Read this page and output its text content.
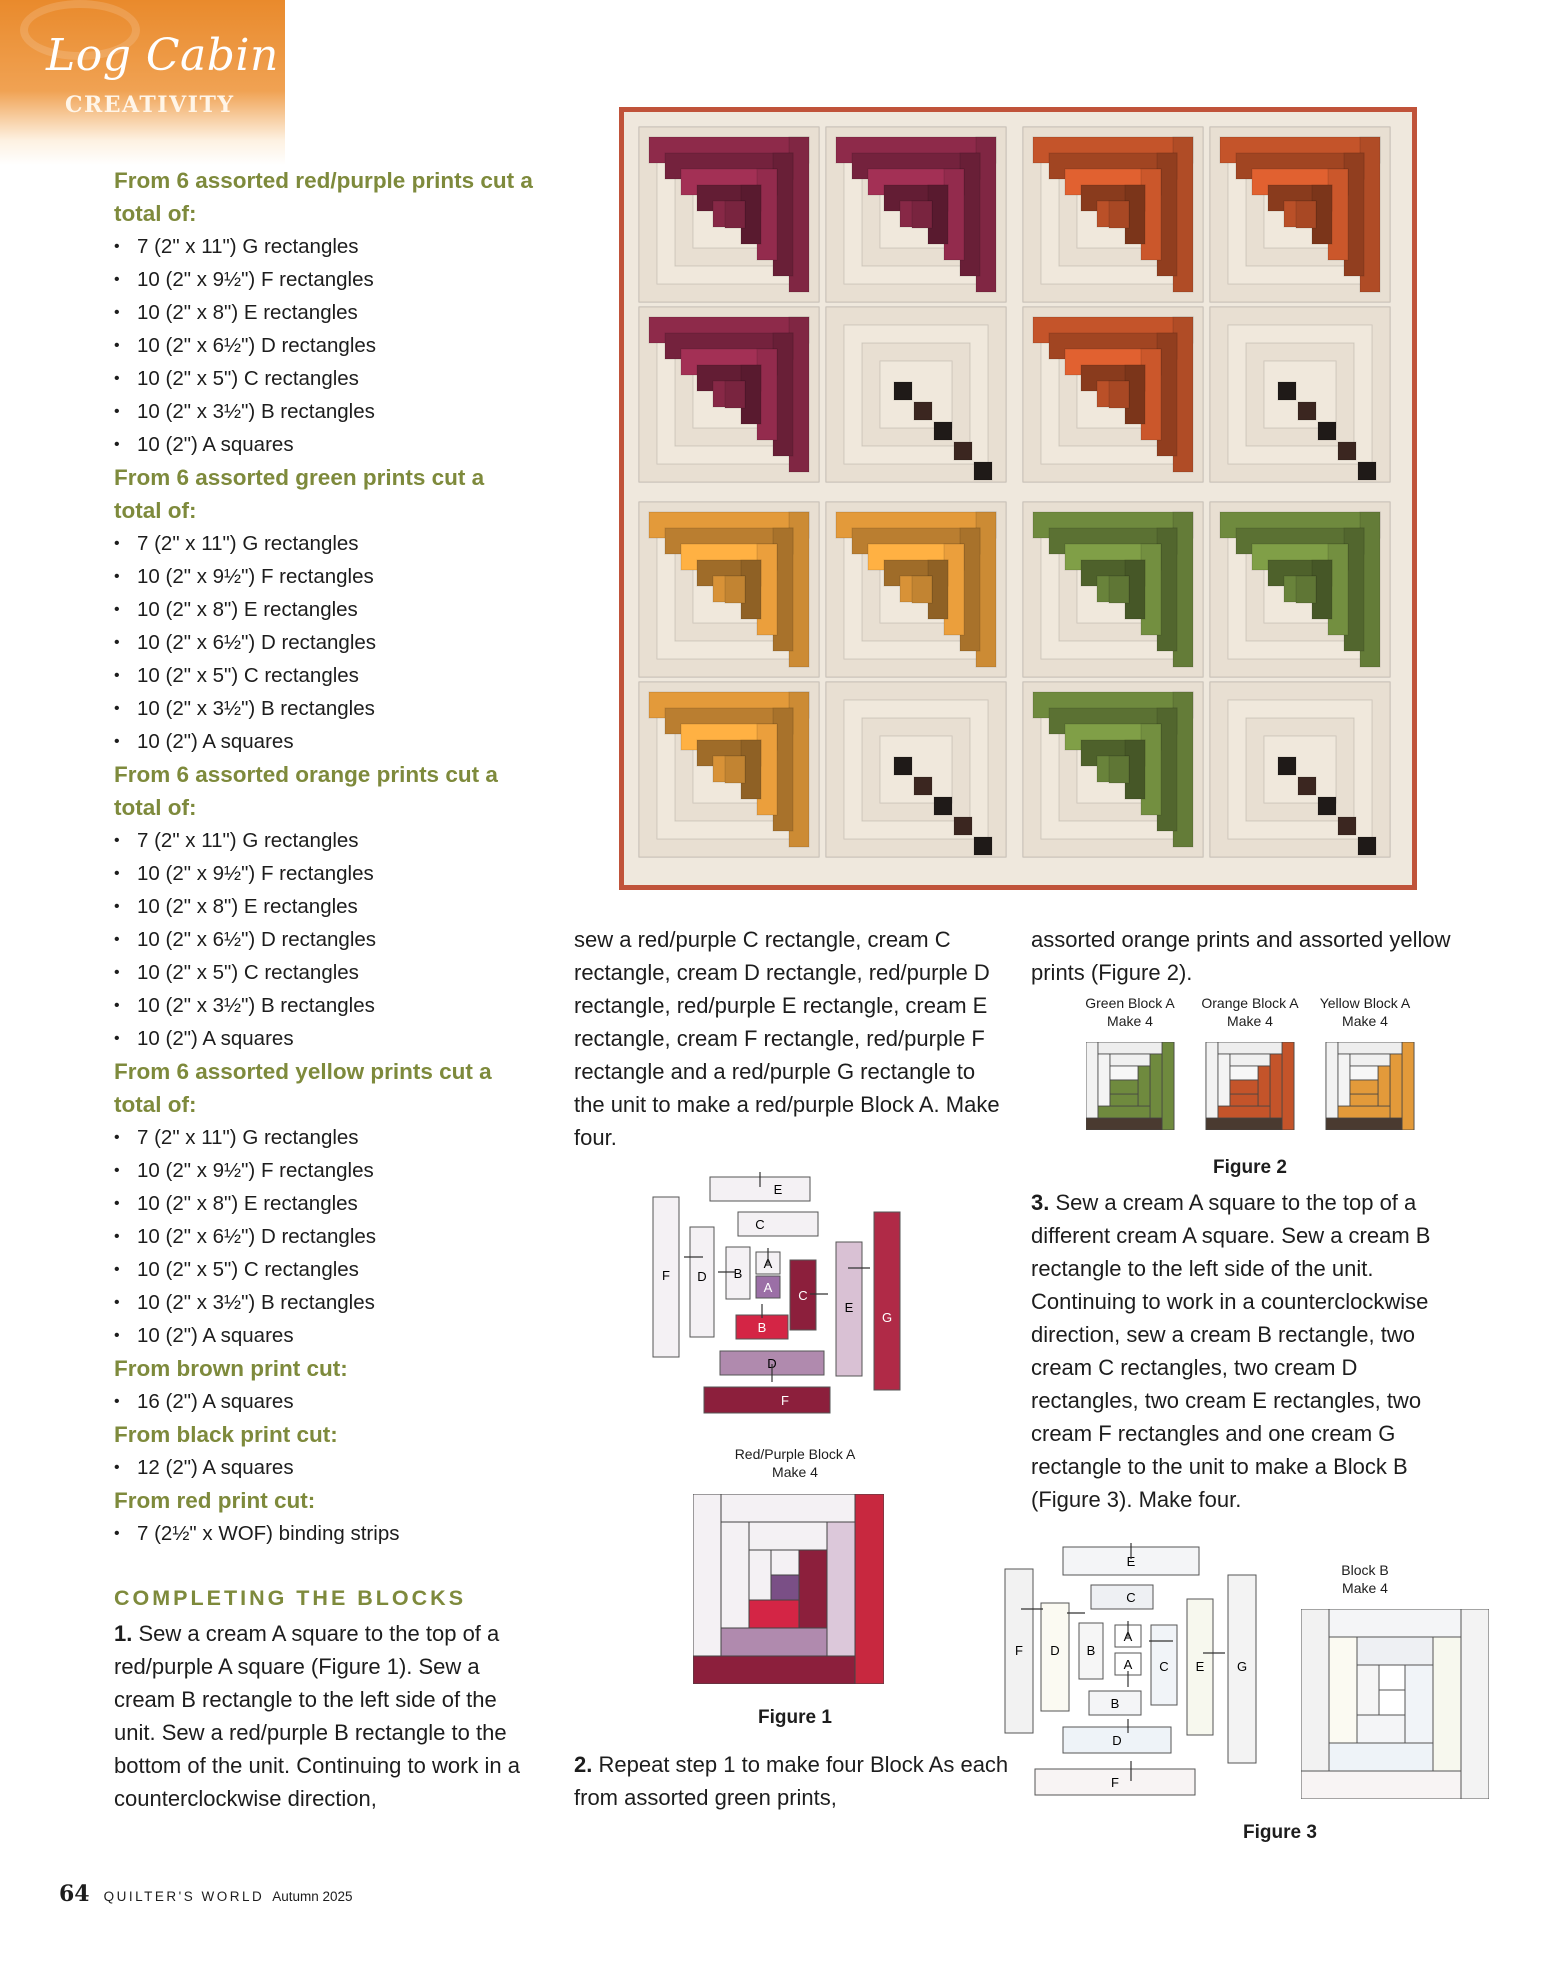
Log Cabin
CREATIVITY
From 6 assorted red/purple prints cut a total of:
• 7 (2" x 11") G rectangles
• 10 (2" x 9½") F rectangles
• 10 (2" x 8") E rectangles
• 10 (2" x 6½") D rectangles
• 10 (2" x 5") C rectangles
• 10 (2" x 3½") B rectangles
• 10 (2") A squares
From 6 assorted green prints cut a total of:
• 7 (2" x 11") G rectangles
• 10 (2" x 9½") F rectangles
• 10 (2" x 8") E rectangles
• 10 (2" x 6½") D rectangles
• 10 (2" x 5") C rectangles
• 10 (2" x 3½") B rectangles
• 10 (2") A squares
From 6 assorted orange prints cut a total of:
• 7 (2" x 11") G rectangles
• 10 (2" x 9½") F rectangles
• 10 (2" x 8") E rectangles
• 10 (2" x 6½") D rectangles
• 10 (2" x 5") C rectangles
• 10 (2" x 3½") B rectangles
• 10 (2") A squares
From 6 assorted yellow prints cut a total of:
• 7 (2" x 11") G rectangles
• 10 (2" x 9½") F rectangles
• 10 (2" x 8") E rectangles
• 10 (2" x 6½") D rectangles
• 10 (2" x 5") C rectangles
• 10 (2" x 3½") B rectangles
• 10 (2") A squares
From brown print cut:
• 16 (2") A squares
From black print cut:
• 12 (2") A squares
From red print cut:
• 7 (2½" x WOF) binding strips
COMPLETING THE BLOCKS

1. Sew a cream A square to the top of a red/purple A square (Figure 1). Sew a cream B rectangle to the left side of the unit. Sew a red/purple B rectangle to the bottom of the unit. Continuing to work in a counterclockwise direction,

sew a red/purple C rectangle, cream C rectangle, cream D rectangle, red/purple D rectangle, red/purple E rectangle, cream E rectangle, cream F rectangle, red/purple F rectangle and a red/purple G rectangle to the unit to make a red/purple Block A. Make four.

E
C
F D B
A
A
C
E
G
B
D
F
Red/Purple Block A
Make 4
Figure 1

2. Repeat step 1 to make four Block As each from assorted green prints,

assorted orange prints and assorted yellow prints (Figure 2).

Green Block A
Make 4
Orange Block A
Make 4
Yellow Block A
Make 4
Figure 2

3. Sew a cream A square to the top of a different cream A square. Sew a cream B rectangle to the left side of the unit. Continuing to work in a counterclockwise direction, sew a cream B rectangle, two cream C rectangles, two cream D rectangles, two cream E rectangles, two cream F rectangles and one cream G rectangle to the unit to make a Block B (Figure 3). Make four.

E
C
F D B
A
A C E	G
B
D
F
Block B
Make 4
Figure 3
64 QUILTER'S WORLD Autumn 2025
